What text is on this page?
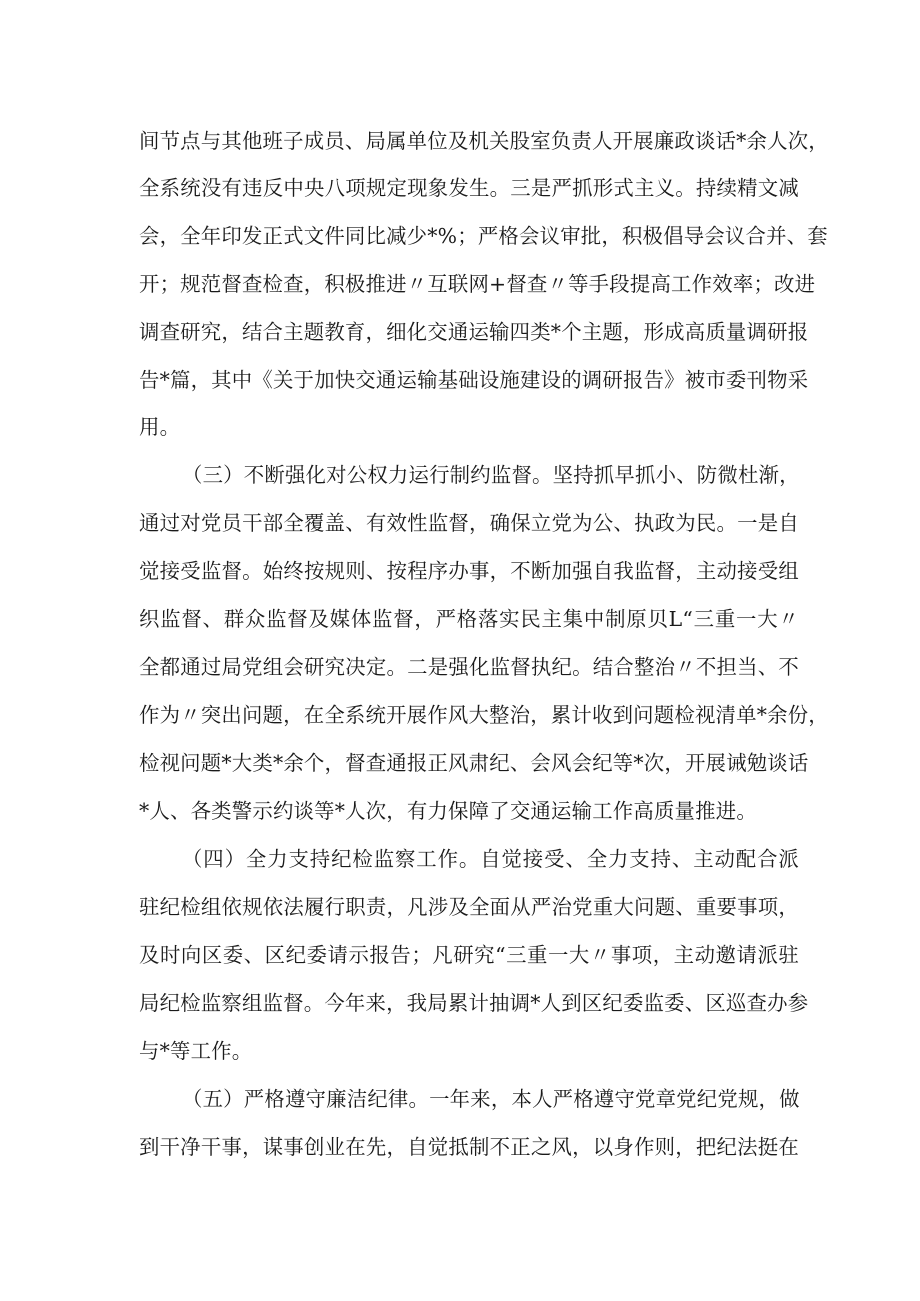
间节点与其他班子成员、局属单位及机关股室负责人开展廉政谈话*余人次，
全系统没有违反中央八项规定现象发生。三是严抓形式主义。持续精文减
会，全年印发正式文件同比减少*%；严格会议审批，积极倡导会议合并、套
开；规范督查检查，积极推进〃互联网+督查〃等手段提高工作效率；改进
调查研究，结合主题教育，细化交通运输四类*个主题，形成高质量调研报
告*篇，其中《关于加快交通运输基础设施建设的调研报告》被市委刊物采
用。
（三）不断强化对公权力运行制约监督。坚持抓早抓小、防微杜渐，
通过对党员干部全覆盖、有效性监督，确保立党为公、执政为民。一是自
觉接受监督。始终按规则、按程序办事，不断加强自我监督，主动接受组
织监督、群众监督及媒体监督，严格落实民主集中制原贝L“三重一大〃
全都通过局党组会研究决定。二是强化监督执纪。结合整治〃不担当、不
作为〃突出问题，在全系统开展作风大整治，累计收到问题检视清单*余份，
检视问题*大类*余个，督查通报正风肃纪、会风会纪等*次，开展诫勉谈话
*人、各类警示约谈等*人次，有力保障了交通运输工作高质量推进。
（四）全力支持纪检监察工作。自觉接受、全力支持、主动配合派
驻纪检组依规依法履行职责，凡涉及全面从严治党重大问题、重要事项，
及时向区委、区纪委请示报告；凡研究“三重一大〃事项，主动邀请派驻
局纪检监察组监督。今年来，我局累计抽调*人到区纪委监委、区巡查办参
与*等工作。
（五）严格遵守廉洁纪律。一年来，本人严格遵守党章党纪党规，做
到干净干事，谋事创业在先，自觉抵制不正之风，以身作则，把纪法挺在
